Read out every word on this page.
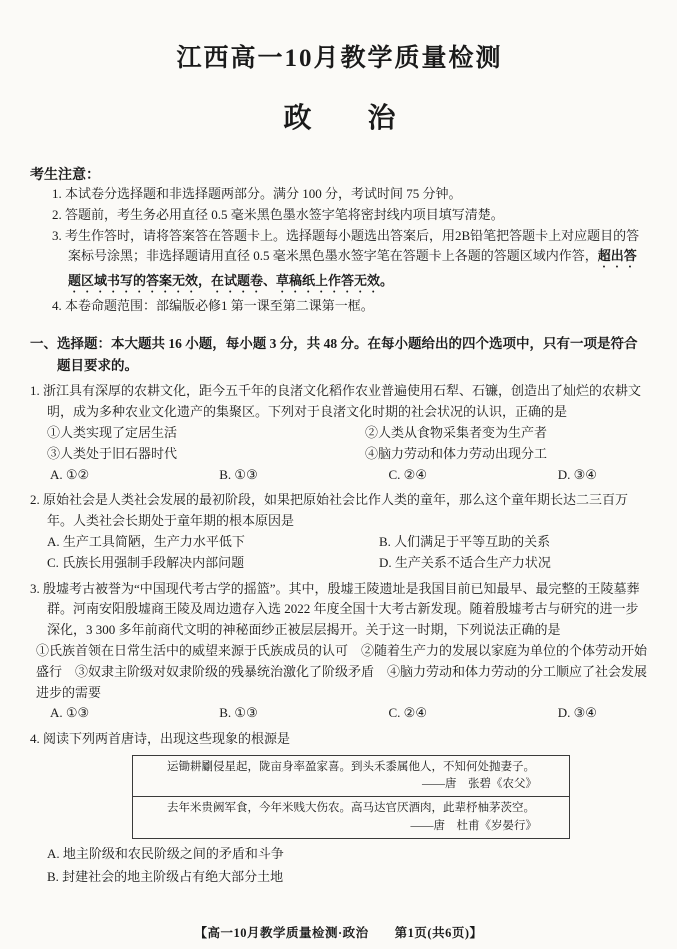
江西高一10月教学质量检测
政　　治
考生注意：
1. 本试卷分选择题和非选择题两部分。满分 100 分，考试时间 75 分钟。
2. 答题前，考生务必用直径 0.5 毫米黑色墨水签字笔将密封线内项目填写清楚。
3. 考生作答时，请将答案答在答题卡上。选择题每小题选出答案后，用2B铅笔把答题卡上对应题目的答案标号涂黑；非选择题请用直径 0.5 毫米黑色墨水签字笔在答题卡上各题的答题区域内作答，超出答题区域书写的答案无效，在试题卷、草稿纸上作答无效。
4. 本卷命题范围：部编版必修1 第一课至第二课第一框。
一、选择题：本大题共 16 小题，每小题 3 分，共 48 分。在每小题给出的四个选项中，只有一项是符合题目要求的。
1. 浙江具有深厚的农耕文化，距今五千年的良渚文化稻作农业普遍使用石犁、石镰，创造出了灿烂的农耕文明，成为多种农业文化遗产的集聚区。下列对于良渚文化时期的社会状况的认识，正确的是
①人类实现了定居生活	②人类从食物采集者变为生产者
③人类处于旧石器时代	④脑力劳动和体力劳动出现分工
A. ①②	B. ①③	C. ②④	D. ③④
2. 原始社会是人类社会发展的最初阶段，如果把原始社会比作人类的童年，那么这个童年期长达二三百万年。人类社会长期处于童年期的根本原因是
A. 生产工具简陋，生产力水平低下	B. 人们满足于平等互助的关系
C. 氏族长用强制手段解决内部问题	D. 生产关系不适合生产力状况
3. 殷墟考古被誉为“中国现代考古学的摇篮”。其中，殷墟王陵遗址是我国目前已知最早、最完整的王陵墓葬群。河南安阳殷墟商王陵及周边遗存入选 2022 年度全国十大考古新发现。随着殷墟考古与研究的进一步深化，3 300 多年前商代文明的神秘面纱正被层层揭开。关于这一时期，下列说法正确的是
①氏族首领在日常生活中的威望来源于氏族成员的认可　②随着生产力的发展以家庭为单位的个体劳动开始盛行　③奴隶主阶级对奴隶阶级的残暴统治激化了阶级矛盾　④脑力劳动和体力劳动的分工顺应了社会发展进步的需要
A. ①③	B. ①③	C. ②④	D. ③④
4. 阅读下列两首唐诗，出现这些现象的根源是
运锄耕劚侵星起，陇亩身率盈家喜。到头禾黍属他人，不知何处抛妻子。
——唐　张碧《农父》
去年米贵阙军食，今年米贱大伤农。高马达官厌酒肉，此辈杼柚茅茨空。
——唐　杜甫《岁晏行》
A. 地主阶级和农民阶级之间的矛盾和斗争
B. 封建社会的地主阶级占有绝大部分土地
【高一10月教学质量检测·政治　　第1页(共6页)】
